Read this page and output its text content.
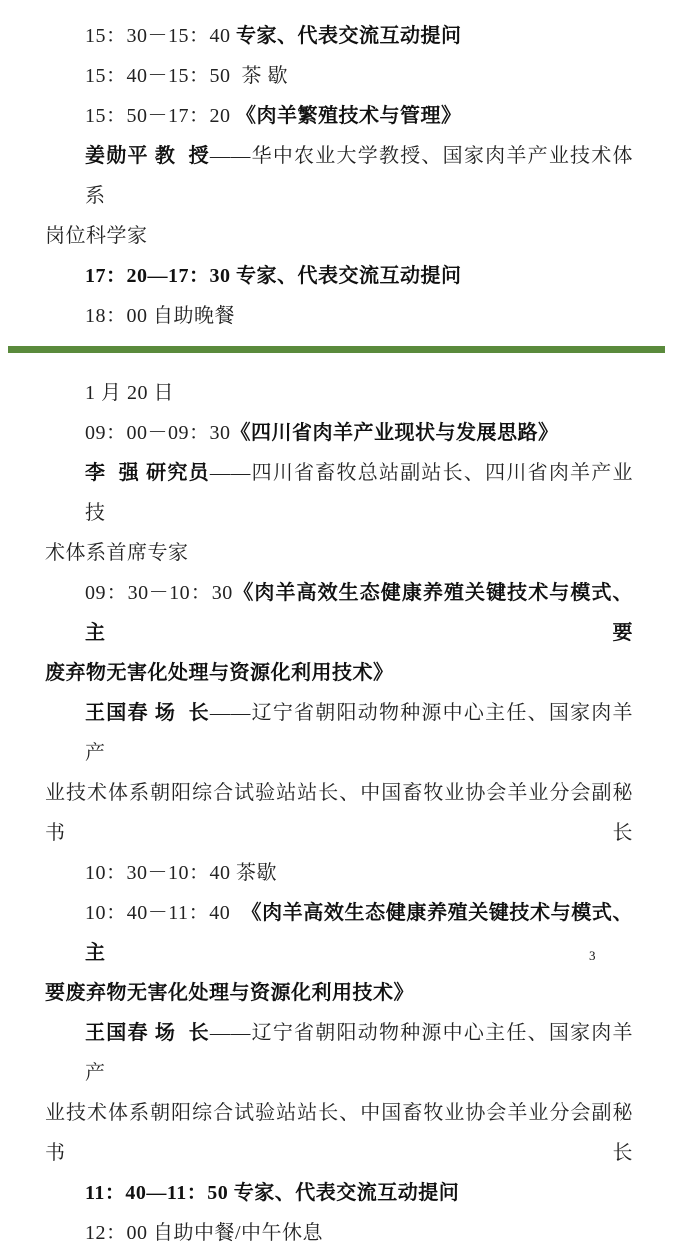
15：30－15：40 专家、代表交流互动提问
15：40－15：50  茶 歇
15：50－17：20 《肉羊繁殖技术与管理》
姜勋平 教  授——华中农业大学教授、国家肉羊产业技术体系
岗位科学家
17：20—17：30 专家、代表交流互动提问
18：00 自助晚餐
1 月 20 日
09：00－09：30《四川省肉羊产业现状与发展思路》
李  强 研究员——四川省畜牧总站副站长、四川省肉羊产业技
术体系首席专家
09：30－10：30《肉羊高效生态健康养殖关键技术与模式、主要
废弃物无害化处理与资源化利用技术》
王国春 场  长——辽宁省朝阳动物种源中心主任、国家肉羊产
业技术体系朝阳综合试验站站长、中国畜牧业协会羊业分会副秘书长
10：30－10：40 茶歇
10：40－11：40  《肉羊高效生态健康养殖关键技术与模式、主
要废弃物无害化处理与资源化利用技术》
王国春 场  长——辽宁省朝阳动物种源中心主任、国家肉羊产
业技术体系朝阳综合试验站站长、中国畜牧业协会羊业分会副秘书长
11：40—11：50 专家、代表交流互动提问
12：00 自助中餐/中午休息
3
